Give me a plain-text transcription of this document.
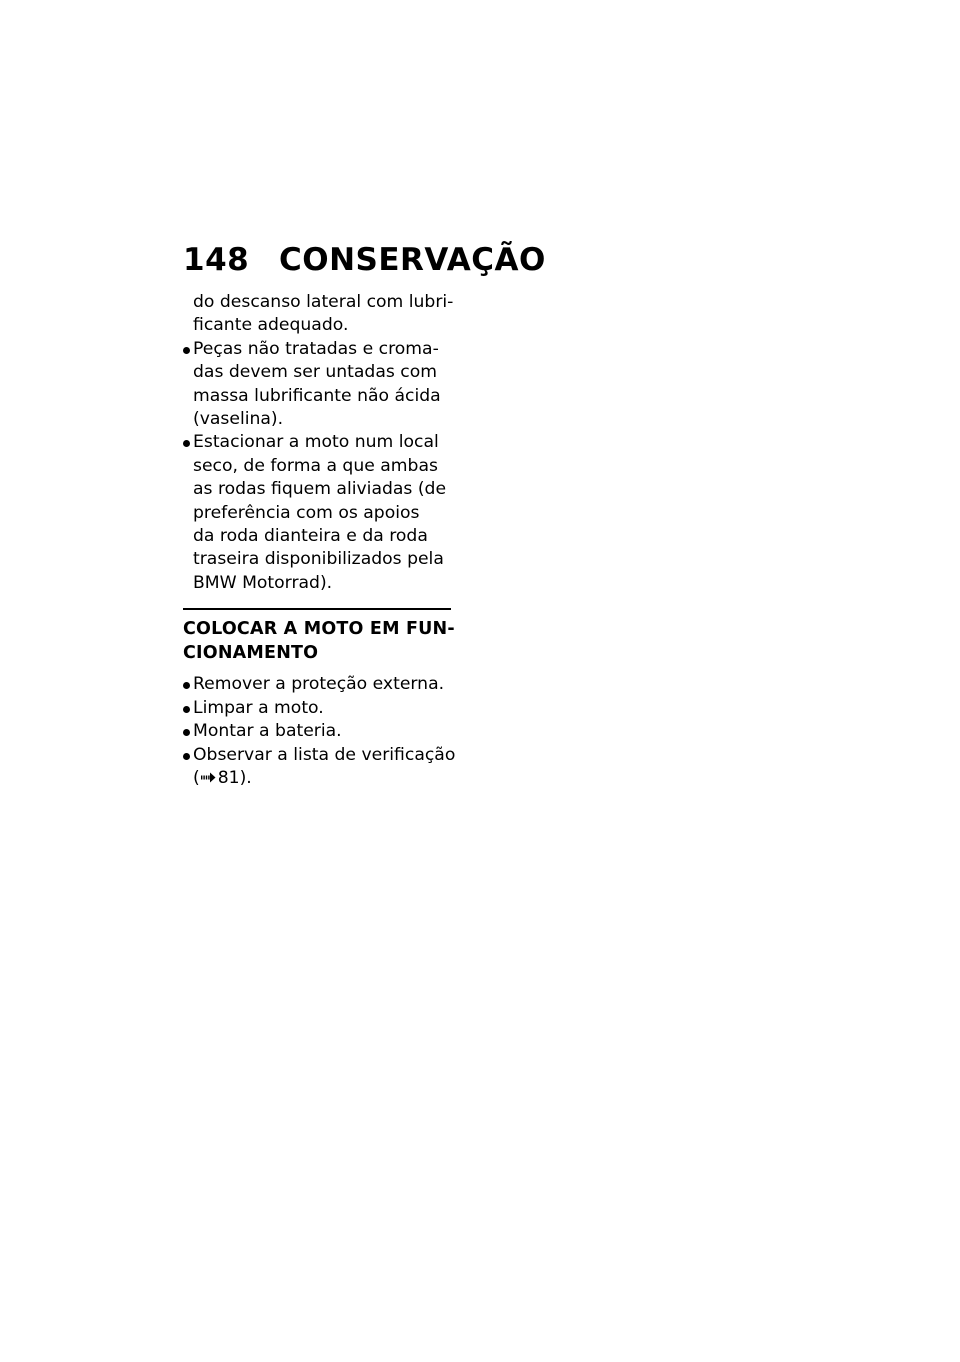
148 CONSERVAÇÃO
do descanso lateral com lubri-
ficante adequado.
Peças não tratadas e croma-
das devem ser untadas com
massa lubrificante não ácida
(vaselina).
Estacionar a moto num local
seco, de forma a que ambas
as rodas fiquem aliviadas (de
preferência com os apoios
da roda dianteira e da roda
traseira disponibilizados pela
BMW Motorrad).
COLOCAR A MOTO EM FUN-
CIONAMENTO
Remover a proteção externa.
Limpar a moto.
Montar a bateria.
Observar a lista de verificação
( 81).
